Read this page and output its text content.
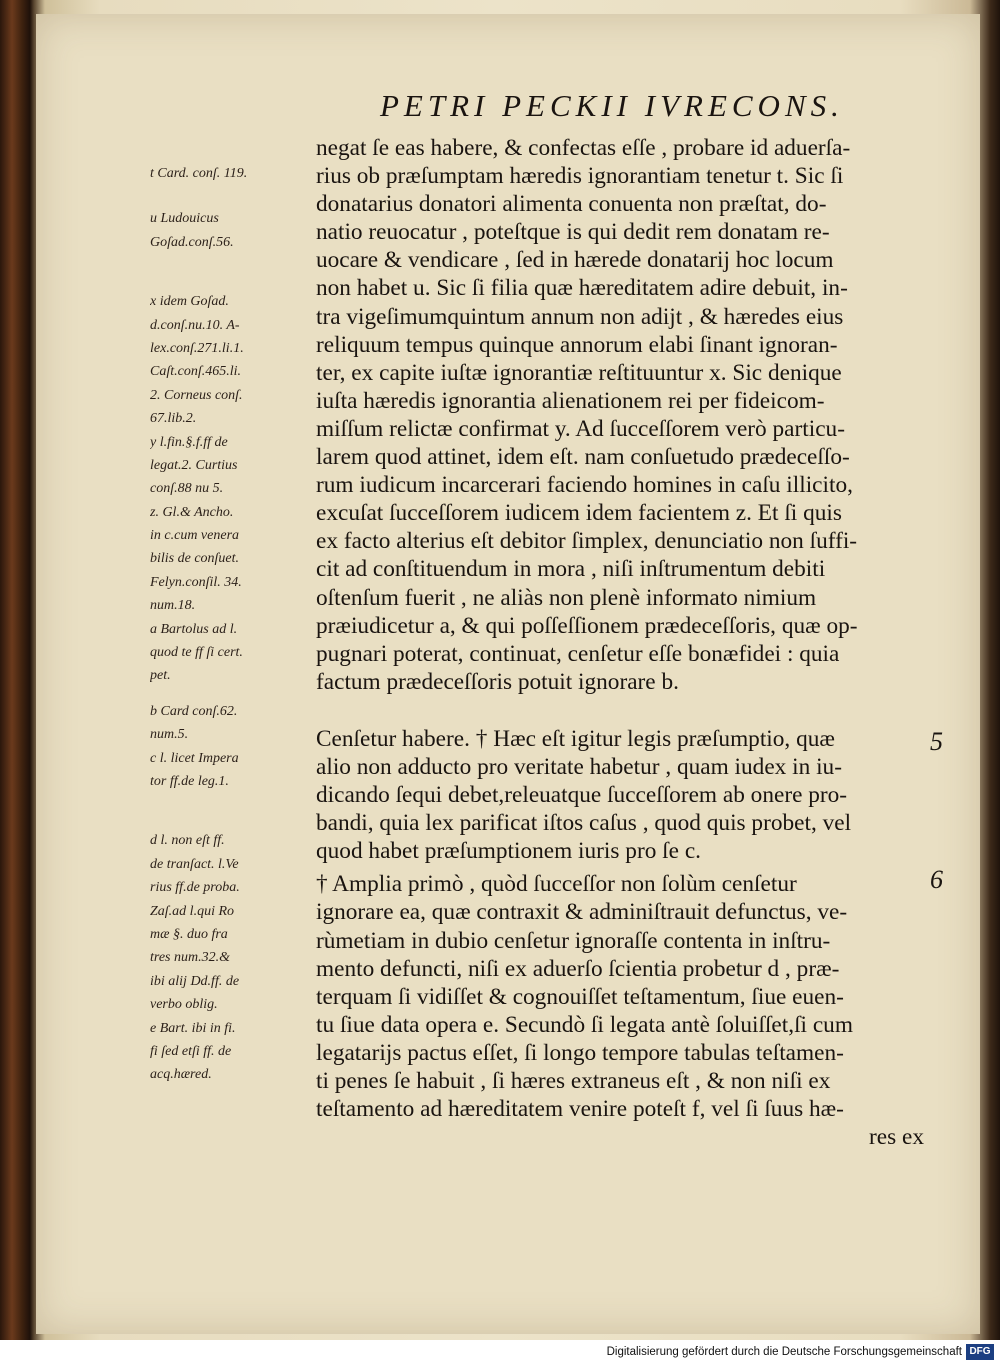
PETRI PECKII IVRECONS.
negat ſe eas habere, & confectas eſſe , probare id aduerſa-
rius ob præſumptam hæredis ignorantiam tenetur t. Sic ſi
donatarius donatori alimenta conuenta non præſtat, do-
natio reuocatur , poteſtque is qui dedit rem donatam re-
uocare & vendicare , ſed in hærede donatarij hoc locum
non habet u. Sic ſi filia quæ hæreditatem adire debuit, in-
tra vigeſimumquintum annum non adijt , & hæredes eius
reliquum tempus quinque annorum elabi ſinant ignoran-
ter, ex capite iuſtæ ignorantiæ reſtituuntur x. Sic denique
iuſta hæredis ignorantia alienationem rei per fideicom-
miſſum relictæ confirmat y. Ad ſucceſſorem verò particu-
larem quod attinet, idem eſt. nam conſuetudo prædeceſſo-
rum iudicum incarcerari faciendo homines in caſu illicito,
excuſat ſucceſſorem iudicem idem facientem z. Et ſi quis
ex facto alterius eſt debitor ſimplex, denunciatio non ſuffi-
cit ad conſtituendum in mora , niſi inſtrumentum debiti
oſtenſum fuerit , ne aliàs non plenè informato nimium
præiudicetur a, & qui poſſeſſionem prædeceſſoris, quæ op-
pugnari poterat, continuat, cenſetur eſſe bonæfidei : quia
factum prædeceſſoris potuit ignorare b.
Cenſetur habere. † Hæc eſt igitur legis præſumptio, quæ
alio non adducto pro veritate habetur , quam iudex in iu-
dicando ſequi debet,releuatque ſucceſſorem ab onere pro-
bandi, quia lex parificat iſtos caſus , quod quis probet, vel
quod habet præſumptionem iuris pro ſe c.
† Amplia primò , quòd ſucceſſor non ſolùm cenſetur
ignorare ea, quæ contraxit & adminiſtrauit defunctus, ve-
rùmetiam in dubio cenſetur ignoraſſe contenta in inſtru-
mento defuncti, niſi ex aduerſo ſcientia probetur d , præ-
terquam ſi vidiſſet & cognouiſſet teſtamentum, ſiue euen-
tu ſiue data opera e. Secundò ſi legata antè ſoluiſſet,ſi cum
legatarijs pactus eſſet, ſi longo tempore tabulas teſtamen-
ti penes ſe habuit , ſi hæres extraneus eſt , & non niſi ex
teſtamento ad hæreditatem venire poteſt f, vel ſi ſuus hæ-
res ex
t Card. conſ. 119.
u Ludouicus
Goſad.conſ.56.
x idem Goſad.
d.conſ.nu.10. A-
lex.conſ.271.li.1.
Caſt.conſ.465.li.
2. Corneus conſ.
67.lib.2.
y l.fin.§.f.ff de
legat.2. Curtius
conſ.88 nu 5.
z. Gl.& Ancho.
in c.cum venera
bilis de conſuet.
Felyn.conſil. 34.
num.18.
a Bartolus ad l.
quod te ff ſi cert.
pet.
b Card conſ.62.
num.5.
c l. licet Impera
tor ff.de leg.1.
d l. non eſt ff.
de tranſact. l.Ve
rius ff.de proba.
Zaſ.ad l.qui Ro
mæ §. duo fra
tres num.32.&
ibi alij Dd.ff. de
verbo oblig.
e Bart. ibi in fi.
fi ſed etſi ff. de
acq.hæred.
5
6
Digitalisierung gefördert durch die Deutsche Forschungsgemeinschaft DFG
